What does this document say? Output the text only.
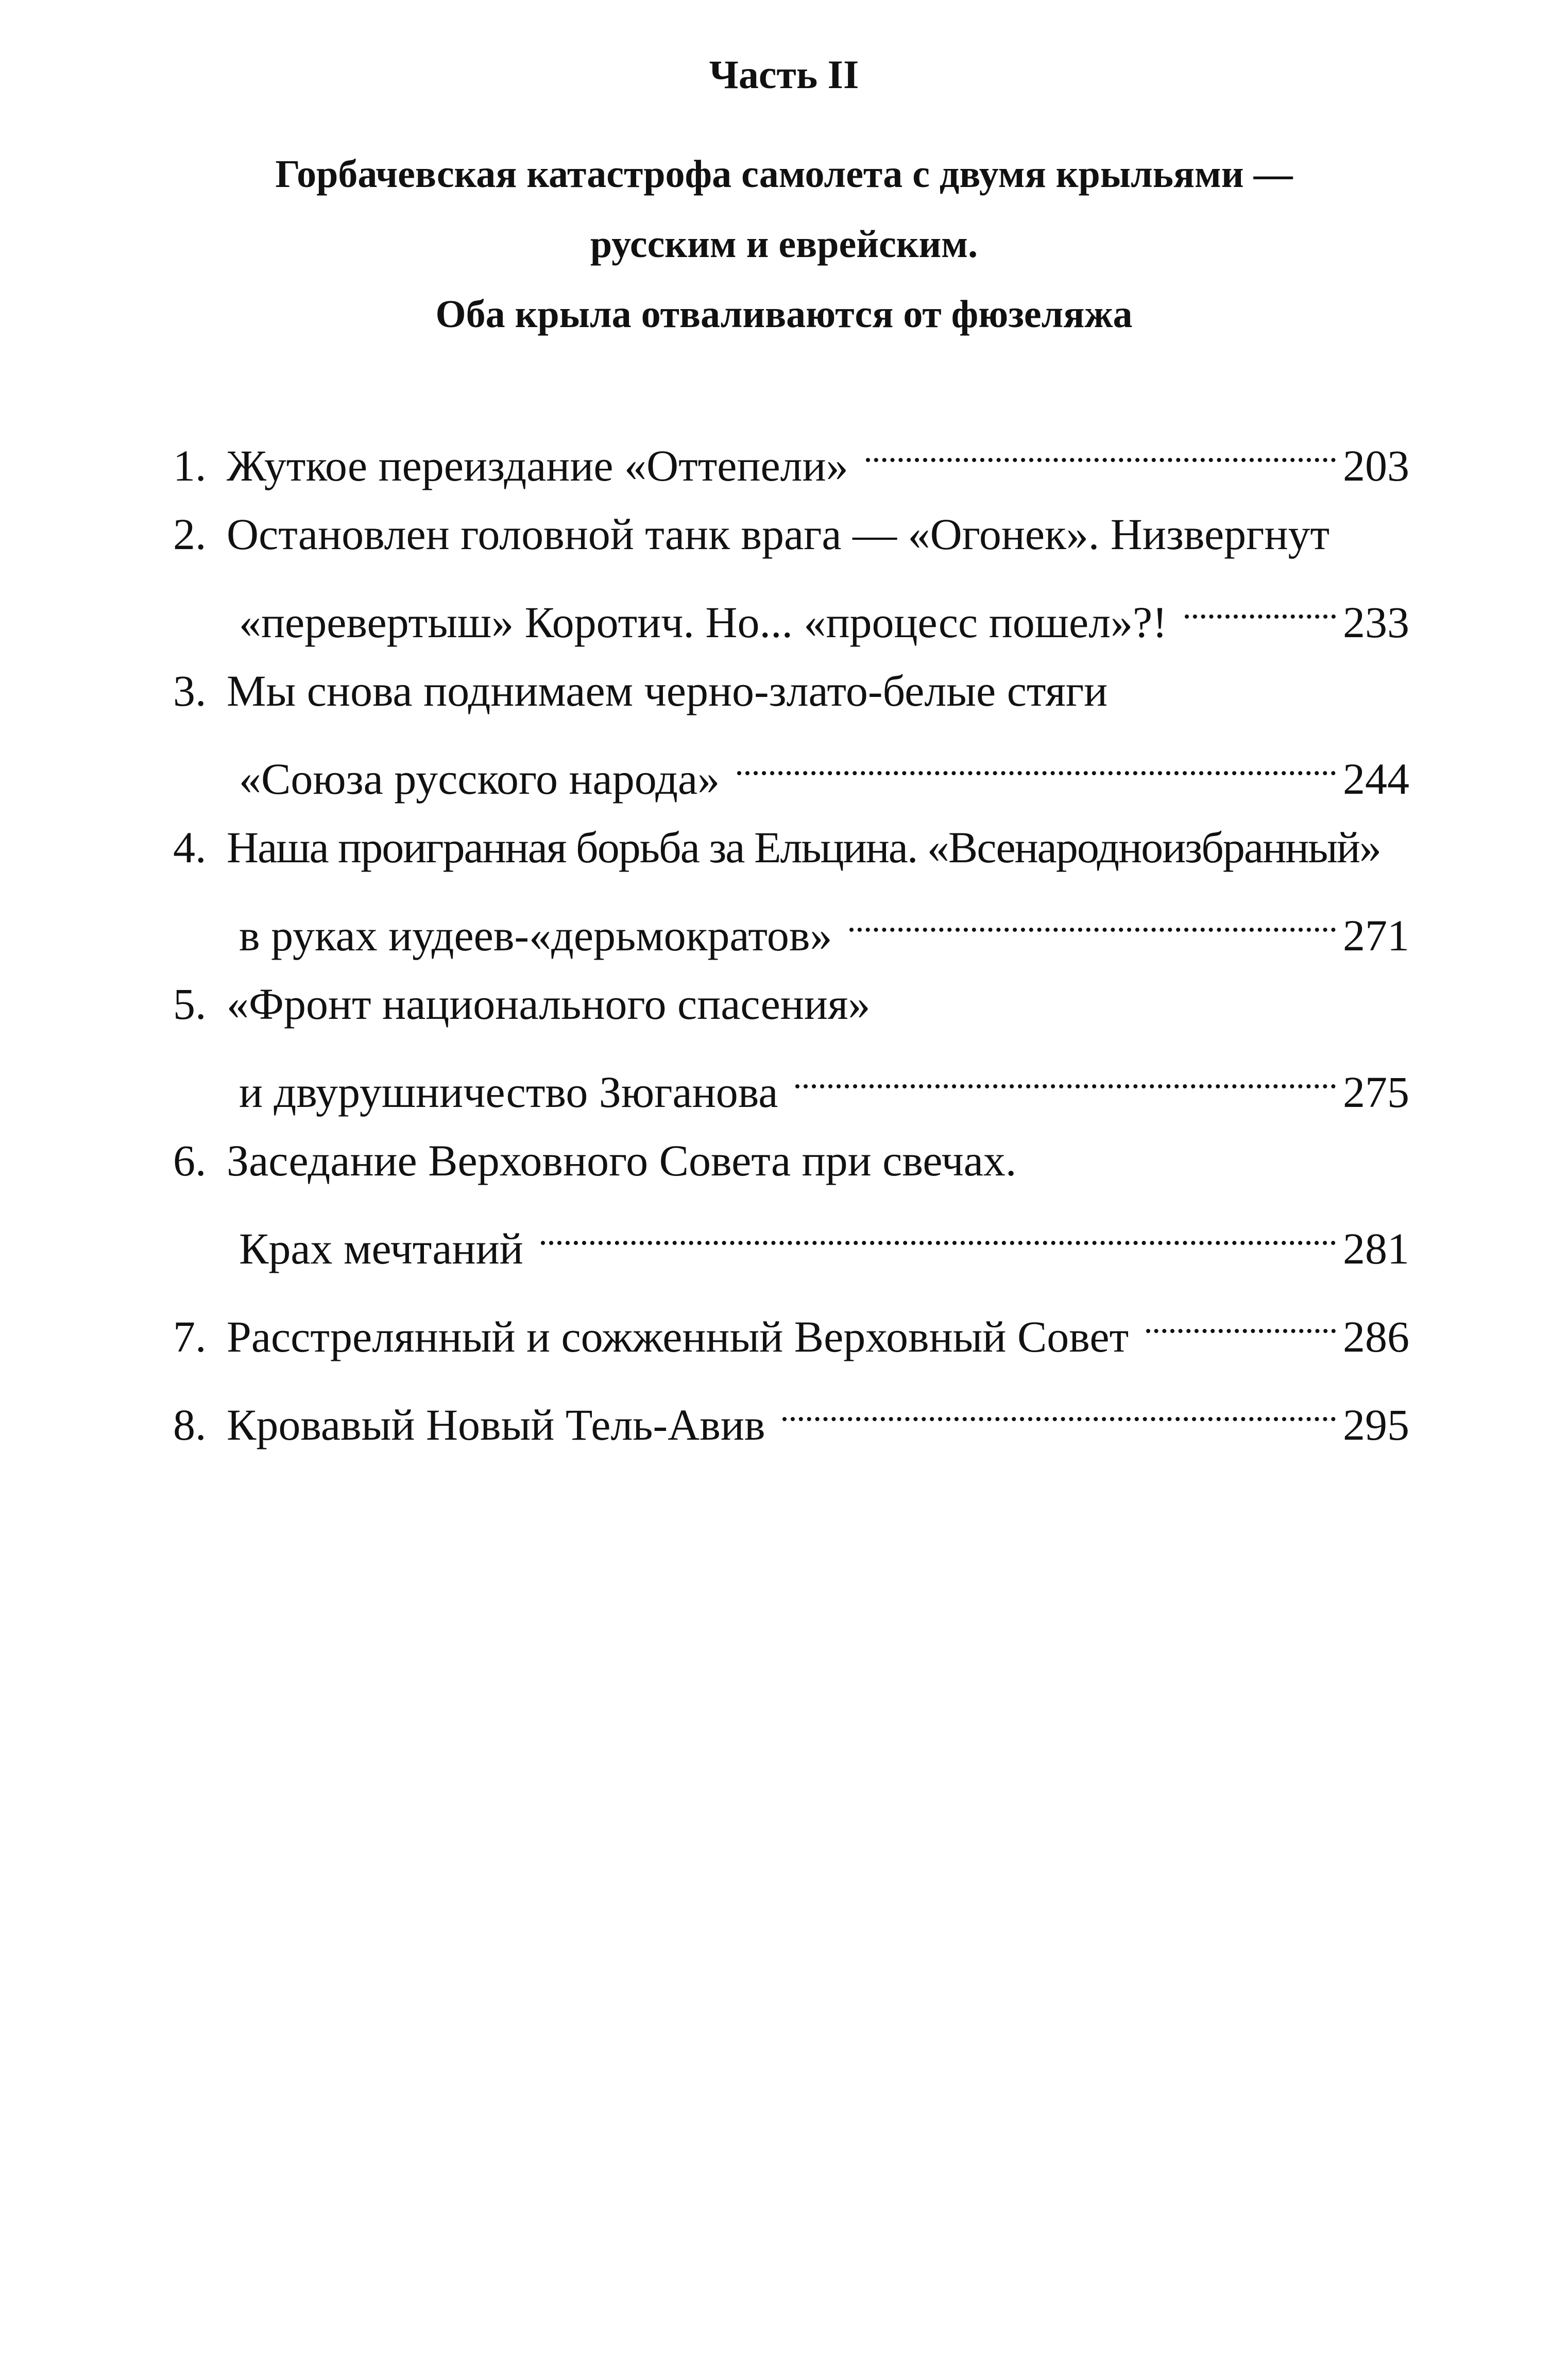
Часть II
Горбачевская катастрофа самолета с двумя крыльями —
русским и еврейским.
Оба крыла отваливаются от фюзеляжа
1. Жуткое переиздание «Оттепели»	203
2. Остановлен головной танк врага — «Огонек». Низвергнут
«перевертыш» Коротич. Но... «процесс пошел»?!	233
3. Мы снова поднимаем черно-злато-белые стяги
«Союза русского народа»	244
4. Наша проигранная борьба за Ельцина. «Всенародноизбранный»
в руках иудеев-«дерьмократов»	271
5. «Фронт национального спасения»
и двурушничество Зюганова	275
6. Заседание Верховного Совета при свечах.
Крах мечтаний	281
7. Расстрелянный и сожженный Верховный Совет	286
8. Кровавый Новый Тель-Авив	295
